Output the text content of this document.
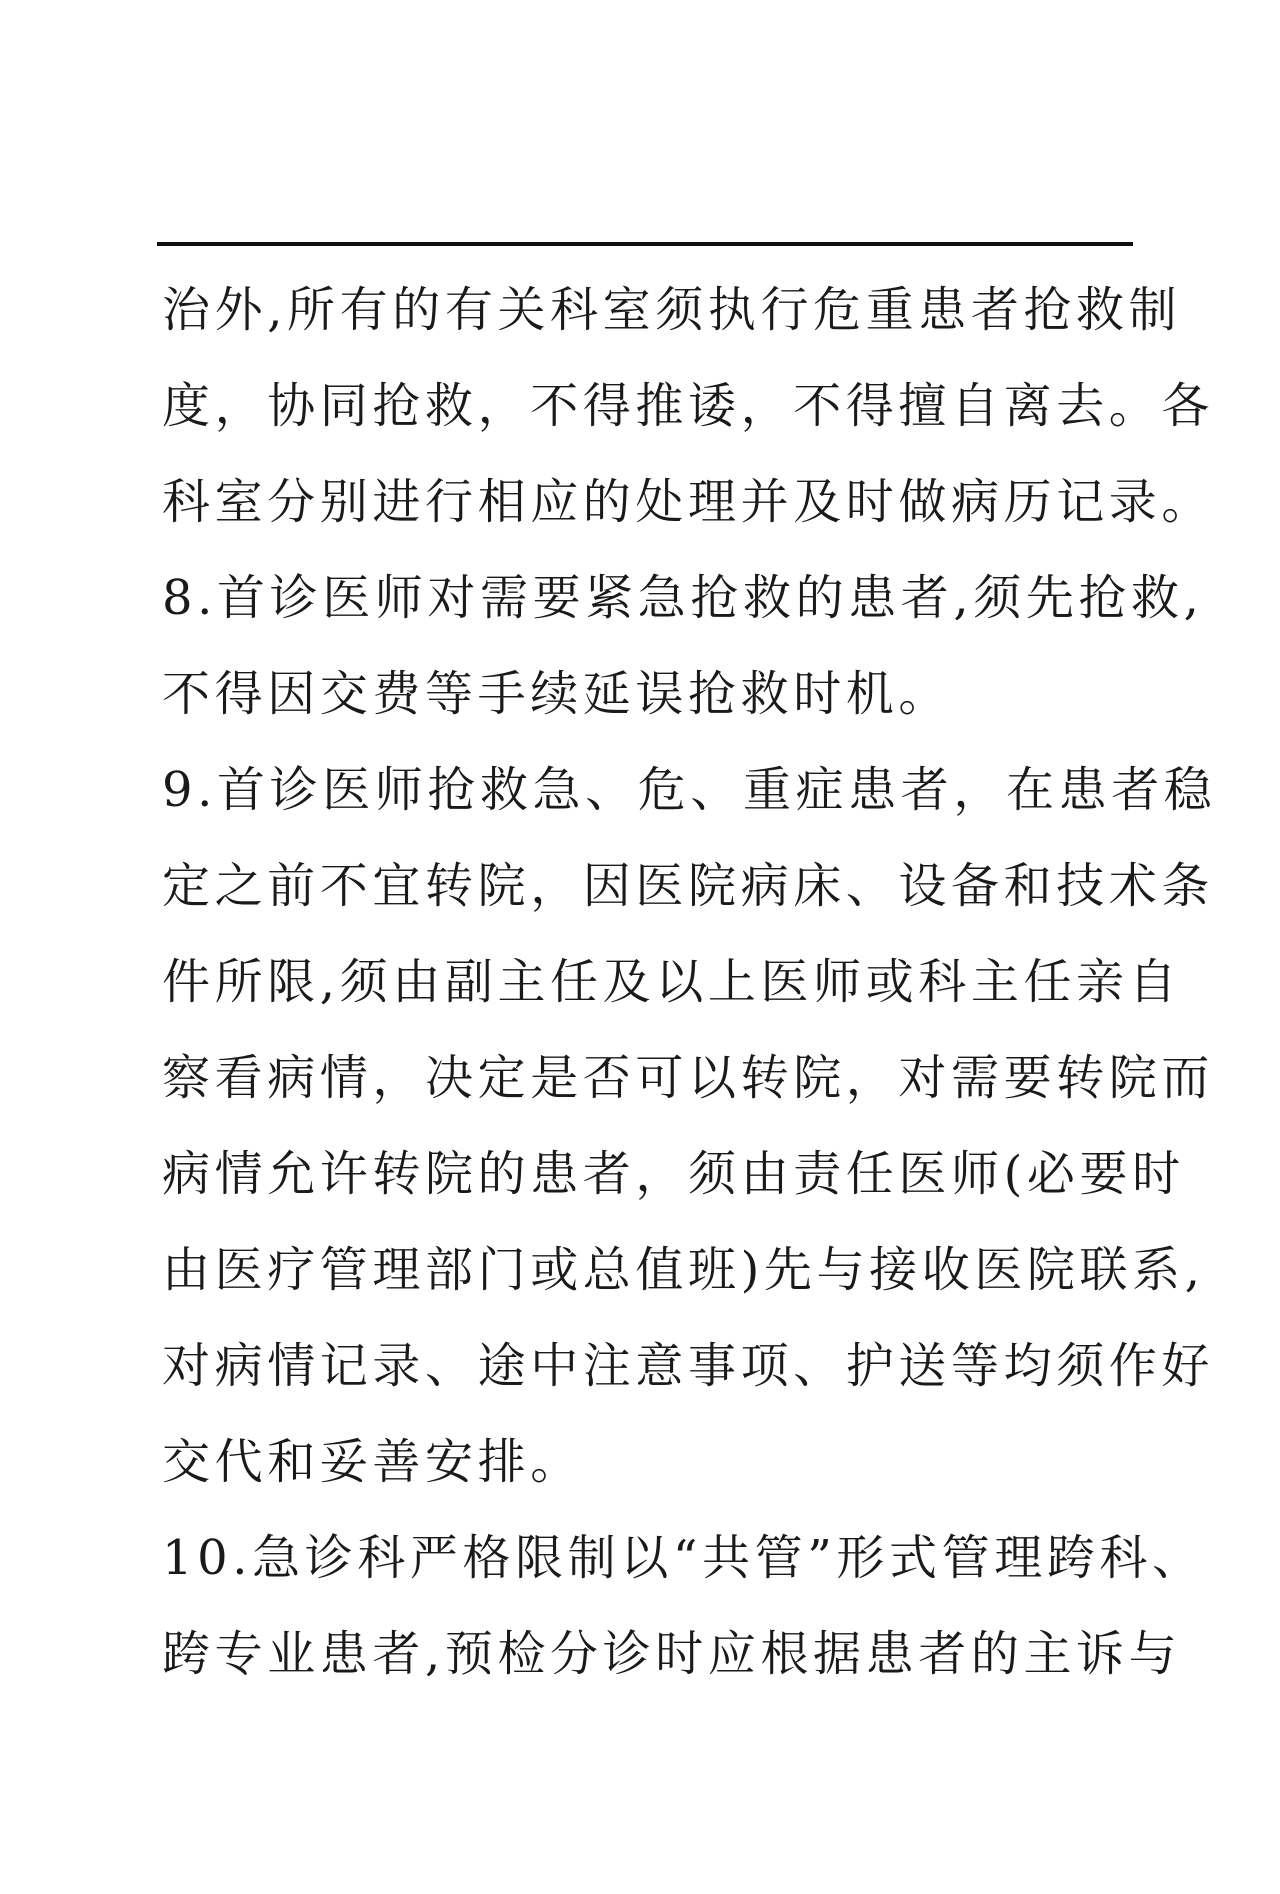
治外,所有的有关科室须执行危重患者抢救制
度，协同抢救，不得推诿，不得擅自离去。各
科室分别进行相应的处理并及时做病历记录。
8.首诊医师对需要紧急抢救的患者,须先抢救,
不得因交费等手续延误抢救时机。
9.首诊医师抢救急、危、重症患者，在患者稳
定之前不宜转院，因医院病床、设备和技术条
件所限,须由副主任及以上医师或科主任亲自
察看病情，决定是否可以转院，对需要转院而
病情允许转院的患者，须由责任医师(必要时
由医疗管理部门或总值班)先与接收医院联系,
对病情记录、途中注意事项、护送等均须作好
交代和妥善安排。
10.急诊科严格限制以“共管”形式管理跨科、
跨专业患者,预检分诊时应根据患者的主诉与
